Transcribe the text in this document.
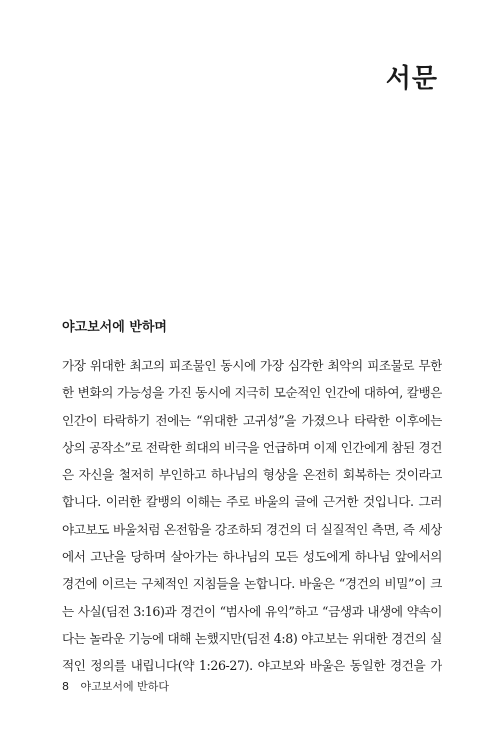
서문
야고보서에 반하며
가장 위대한 최고의 피조물인 동시에 가장 심각한 최악의 피조물로 무한
한 변화의 가능성을 가진 동시에 지극히 모순적인 인간에 대하여, 칼뱅은
인간이 타락하기 전에는 “위대한 고귀성”을 가졌으나 타락한 이후에는
상의 공작소”로 전락한 희대의 비극을 언급하며 이제 인간에게 참된 경건
은 자신을 철저히 부인하고 하나님의 형상을 온전히 회복하는 것이라고
합니다. 이러한 칼뱅의 이해는 주로 바울의 글에 근거한 것입니다. 그러
야고보도 바울처럼 온전함을 강조하되 경건의 더 실질적인 측면, 즉 세상
에서 고난을 당하며 살아가는 하나님의 모든 성도에게 하나님 앞에서의
경건에 이르는 구체적인 지침들을 논합니다. 바울은 “경건의 비밀”이 크
는 사실(딤전 3:16)과 경건이 “범사에 유익”하고 “금생과 내생에 약속이
다는 놀라운 기능에 대해 논했지만(딤전 4:8) 야고보는 위대한 경건의 실
적인 정의를 내립니다(약 1:26-27). 야고보와 바울은 동일한 경건을 가
8 야고보서에 반하다
